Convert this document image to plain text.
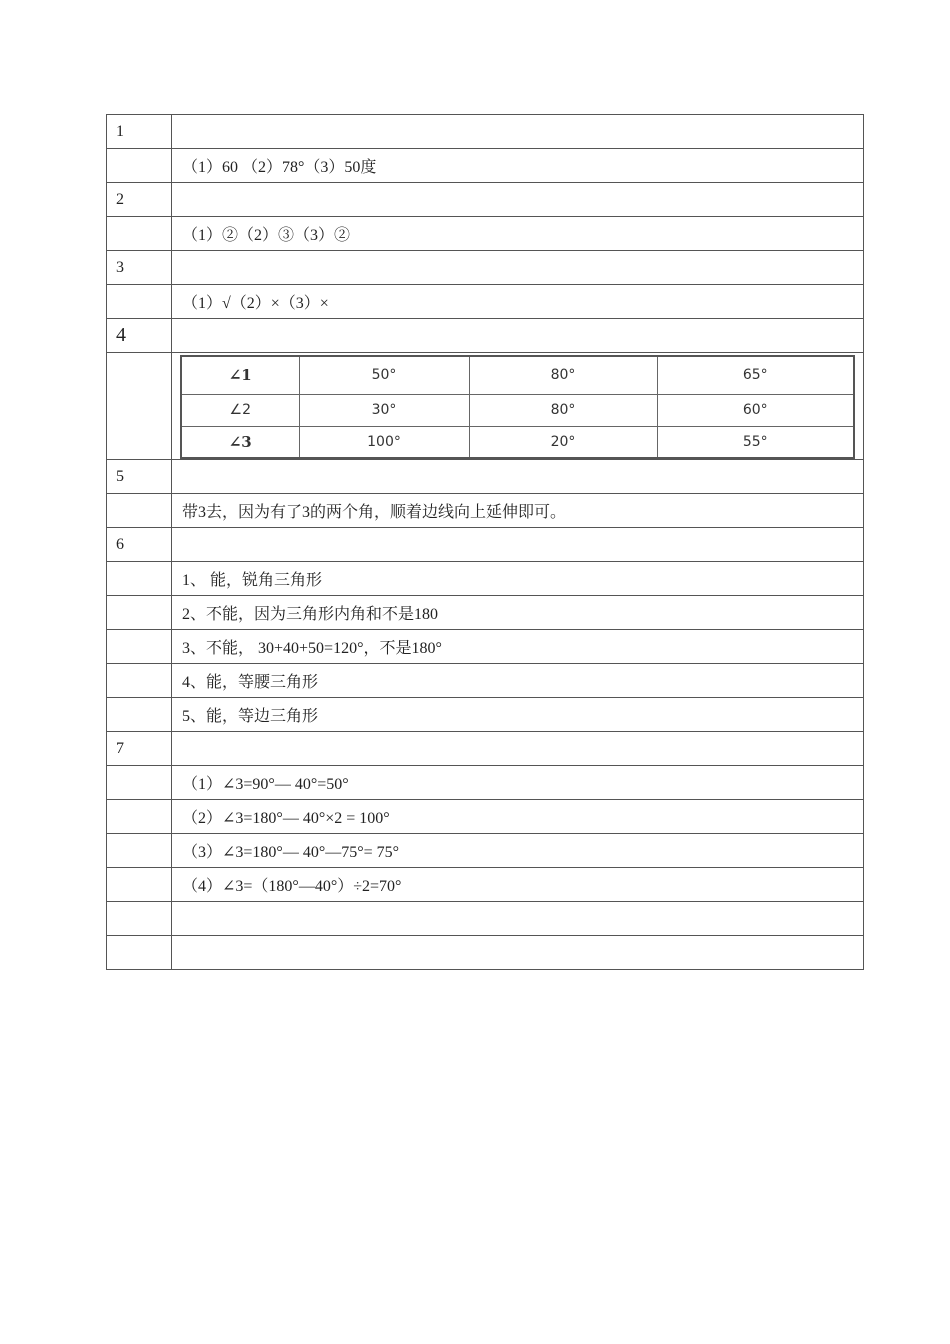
1	
	（1）60 （2）78°（3）50度
2	
	（1）②（2）③（3）②
3	
	（1）√（2）×（3）×
4	

∠1	50°	80°	65°
∠2	30°	80°	60°
∠3	100°	20°	55°

5	
	带3去，因为有了3的两个角，顺着边线向上延伸即可。
6	
	1、 能，锐角三角形
	2、不能，因为三角形内角和不是180
	3、不能， 30+40+50=120°，不是180°
	4、能，等腰三角形
	5、能，等边三角形
7	
	（1）∠3=90°— 40°=50°
	（2）∠3=180°— 40°×2 = 100°
	（3）∠3=180°— 40°—75°= 75°
	（4）∠3=（180°—40°）÷2=70°
